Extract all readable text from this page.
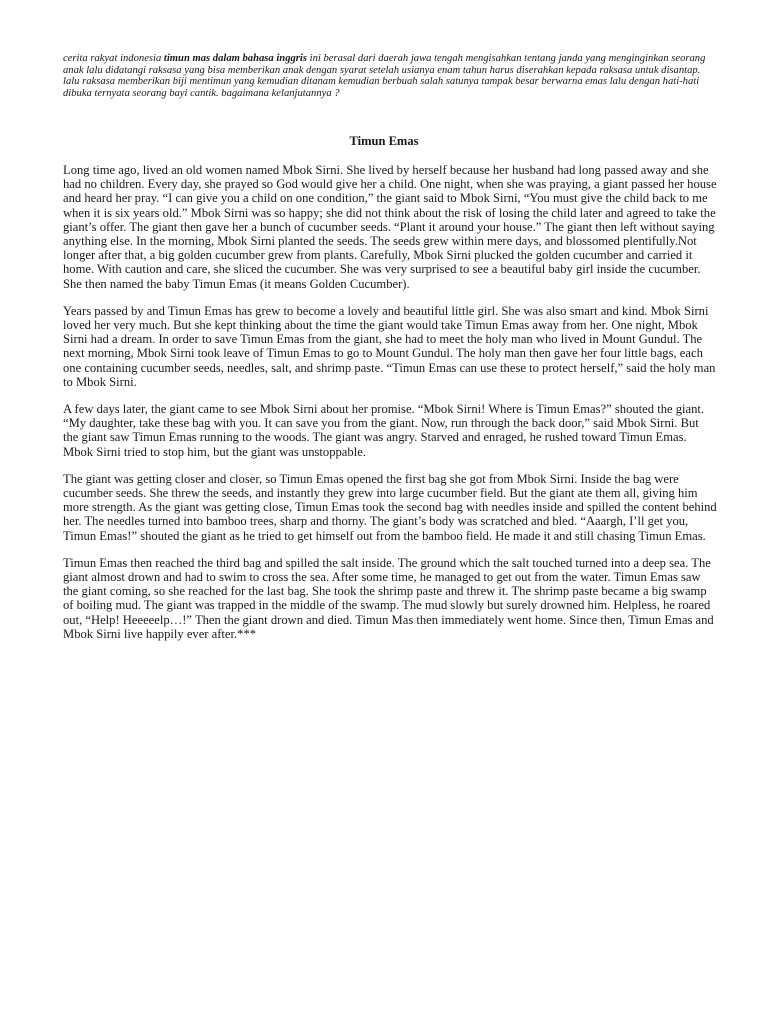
cerita rakyat indonesia timun mas dalam bahasa inggris ini berasal dari daerah jawa tengah mengisahkan tentang janda yang menginginkan seorang anak lalu didatangi raksasa yang bisa memberikan anak dengan syarat setelah usianya enam tahun harus diserahkan kepada raksasa untuk disantap. lalu raksasa memberikan biji mentimun yang kemudian ditanam kemudian berbuah salah satunya tampak besar berwarna emas lalu dengan hati-hati dibuka ternyata seorang bayi cantik. bagaimana kelanjutannya ?

Timun Emas

Long time ago, lived an old women named Mbok Sirni. She lived by herself because her husband had long passed away and she had no children. Every day, she prayed so God would give her a child. One night, when she was praying, a giant passed her house and heard her pray. “I can give you a child on one condition,” the giant said to Mbok Sirni, “You must give the child back to me when it is six years old.” Mbok Sirni was so happy; she did not think about the risk of losing the child later and agreed to take the giant’s offer. The giant then gave her a bunch of cucumber seeds. “Plant it around your house.” The giant then left without saying anything else. In the morning, Mbok Sirni planted the seeds. The seeds grew within mere days, and blossomed plentifully.Not longer after that, a big golden cucumber grew from plants. Carefully, Mbok Sirni plucked the golden cucumber and carried it home. With caution and care, she sliced the cucumber. She was very surprised to see a beautiful baby girl inside the cucumber. She then named the baby Timun Emas (it means Golden Cucumber).

Years passed by and Timun Emas has grew to become a lovely and beautiful little girl. She was also smart and kind. Mbok Sirni loved her very much. But she kept thinking about the time the giant would take Timun Emas away from her. One night, Mbok Sirni had a dream. In order to save Timun Emas from the giant, she had to meet the holy man who lived in Mount Gundul. The next morning, Mbok Sirni took leave of Timun Emas to go to Mount Gundul. The holy man then gave her four little bags, each one containing cucumber seeds, needles, salt, and shrimp paste. “Timun Emas can use these to protect herself,” said the holy man to Mbok Sirni.

A few days later, the giant came to see Mbok Sirni about her promise. “Mbok Sirni! Where is Timun Emas?” shouted the giant. “My daughter, take these bag with you. It can save you from the giant. Now, run through the back door,” said Mbok Sirni. But the giant saw Timun Emas running to the woods. The giant was angry. Starved and enraged, he rushed toward Timun Emas. Mbok Sirni tried to stop him, but the giant was unstoppable.

The giant was getting closer and closer, so Timun Emas opened the first bag she got from Mbok Sirni. Inside the bag were cucumber seeds. She threw the seeds, and instantly they grew into large cucumber field. But the giant ate them all, giving him more strength. As the giant was getting close, Timun Emas took the second bag with needles inside and spilled the content behind her. The needles turned into bamboo trees, sharp and thorny. The giant’s body was scratched and bled. “Aaargh, I’ll get you, Timun Emas!” shouted the giant as he tried to get himself out from the bamboo field. He made it and still chasing Timun Emas.

Timun Emas then reached the third bag and spilled the salt inside. The ground which the salt touched turned into a deep sea. The giant almost drown and had to swim to cross the sea. After some time, he managed to get out from the water. Timun Emas saw the giant coming, so she reached for the last bag. She took the shrimp paste and threw it. The shrimp paste became a big swamp of boiling mud. The giant was trapped in the middle of the swamp. The mud slowly but surely drowned him. Helpless, he roared out, “Help! Heeeeelp…!” Then the giant drown and died. Timun Mas then immediately went home. Since then, Timun Emas and Mbok Sirni live happily ever after.***
